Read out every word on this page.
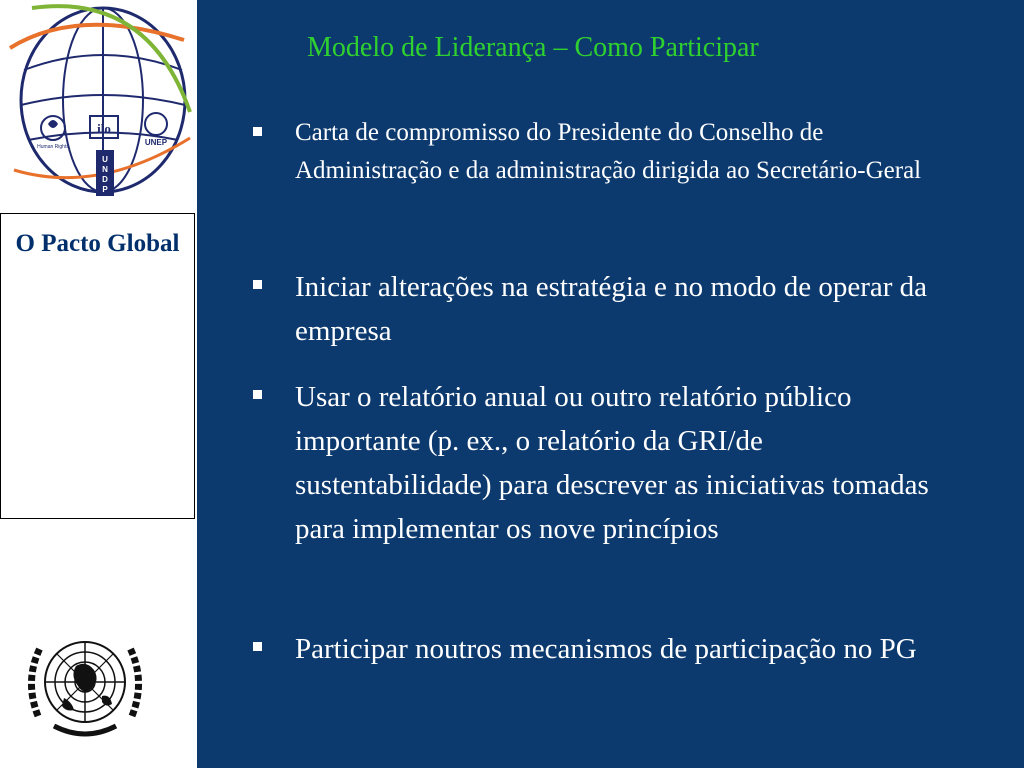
ilo
U
N
D
P
UNEP
Human Rights
O Pacto Global
Modelo de Liderança – Como Participar
Carta de compromisso do Presidente do Conselho de Administração e da administração dirigida ao Secretário-Geral
Iniciar alterações na estratégia e no modo de operar da empresa
Usar o relatório anual ou outro relatório público importante (p. ex., o relatório da GRI/de sustentabilidade) para descrever as iniciativas tomadas para implementar os nove princípios
Participar noutros mecanismos de participação no PG
